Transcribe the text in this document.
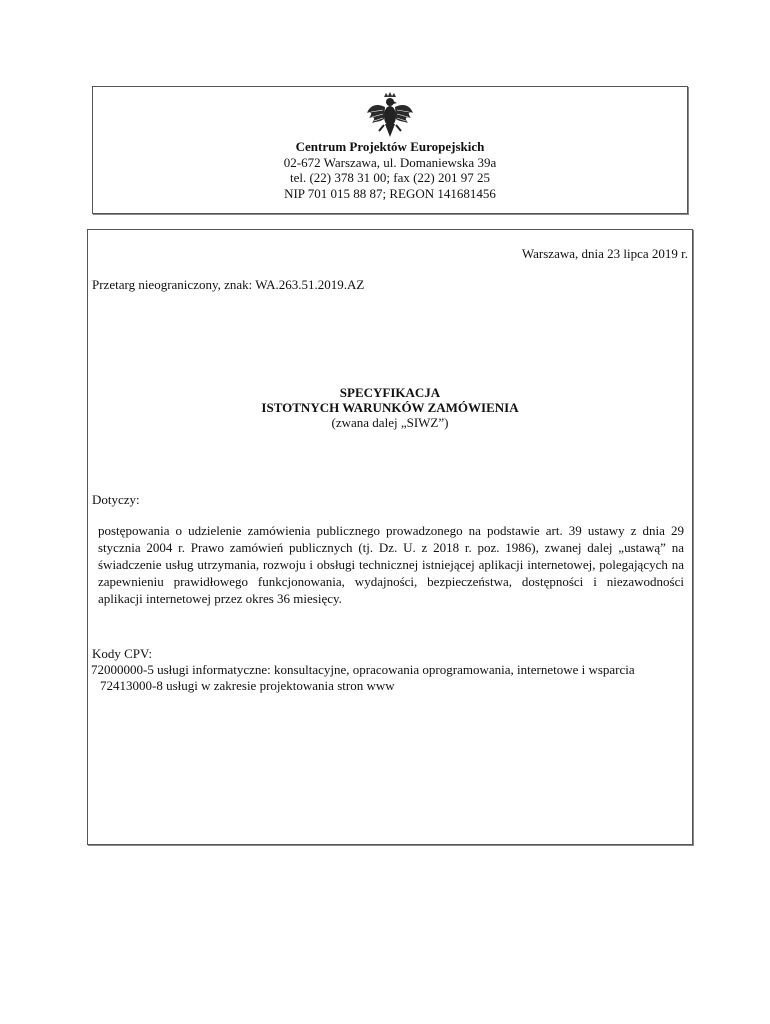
Centrum Projektów Europejskich
02-672 Warszawa, ul. Domaniewska 39a
tel. (22) 378 31 00; fax (22) 201 97 25
NIP 701 015 88 87; REGON 141681456
Warszawa, dnia 23 lipca 2019 r.
Przetarg nieograniczony, znak: WA.263.51.2019.AZ
SPECYFIKACJA
ISTOTNYCH WARUNKÓW ZAMÓWIENIA
(zwana dalej „SIWZ”)
Dotyczy:
postępowania o udzielenie zamówienia publicznego prowadzonego na podstawie art. 39 ustawy z dnia 29 stycznia 2004 r. Prawo zamówień publicznych (tj. Dz. U. z 2018 r. poz. 1986), zwanej dalej „ustawą” na świadczenie usług utrzymania, rozwoju i obsługi technicznej istniejącej aplikacji internetowej, polegających na zapewnieniu prawidłowego funkcjonowania, wydajności, bezpieczeństwa, dostępności i niezawodności aplikacji internetowej przez okres 36 miesięcy.
Kody CPV:
72000000-5 usługi informatyczne: konsultacyjne, opracowania oprogramowania, internetowe i wsparcia
72413000-8 usługi w zakresie projektowania stron www
